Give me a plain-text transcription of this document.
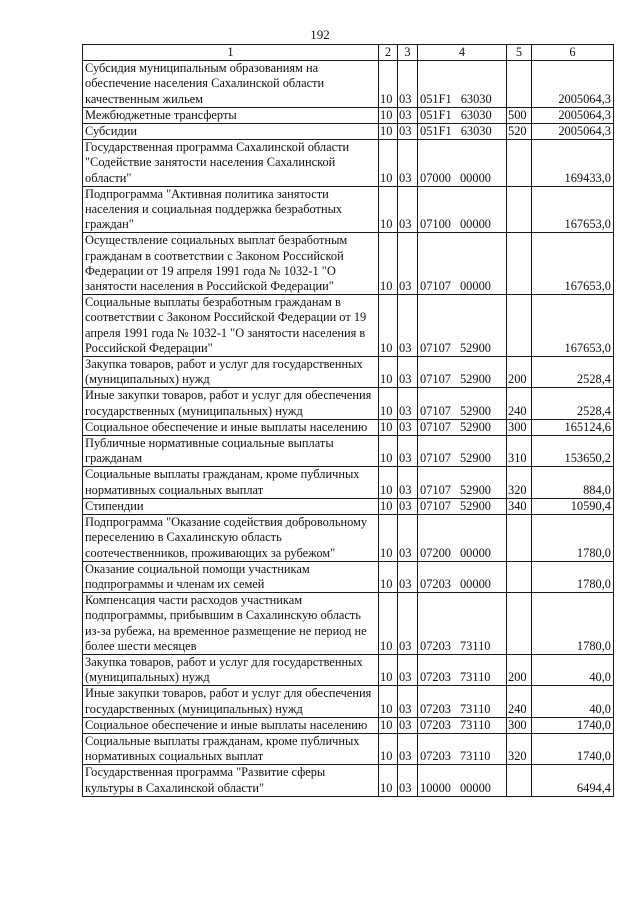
192
1	2	3	4	5	6
Субсидия муниципальным образованиям на обеспечение населения Сахалинской области качественным жильем	10	03	051F1 63030		2005064,3
Межбюджетные трансферты	10	03	051F1 63030	500	2005064,3
Субсидии	10	03	051F1 63030	520	2005064,3
Государственная программа Сахалинской области "Содействие занятости населения Сахалинской области"	10	03	07000 00000		169433,0
Подпрограмма "Активная политика занятости населения и социальная поддержка безработных граждан"	10	03	07100 00000		167653,0
Осуществление социальных выплат безработным гражданам в соответствии с Законом Российской Федерации от 19 апреля 1991 года № 1032-1 "О занятости населения в Российской Федерации"	10	03	07107 00000		167653,0
Социальные выплаты безработным гражданам в соответствии с Законом Российской Федерации от 19 апреля 1991 года № 1032-1 "О занятости населения в Российской Федерации"	10	03	07107 52900		167653,0
Закупка товаров, работ и услуг для государственных (муниципальных) нужд	10	03	07107 52900	200	2528,4
Иные закупки товаров, работ и услуг для обеспечения государственных (муниципальных) нужд	10	03	07107 52900	240	2528,4
Социальное обеспечение и иные выплаты населению	10	03	07107 52900	300	165124,6
Публичные нормативные социальные выплаты гражданам	10	03	07107 52900	310	153650,2
Социальные выплаты гражданам, кроме публичных нормативных социальных выплат	10	03	07107 52900	320	884,0
Стипендии	10	03	07107 52900	340	10590,4
Подпрограмма "Оказание содействия добровольному переселению в Сахалинскую область соотечественников, проживающих за рубежом"	10	03	07200 00000		1780,0
Оказание социальной помощи участникам подпрограммы и членам их семей	10	03	07203 00000		1780,0
Компенсация части расходов участникам подпрограммы, прибывшим в Сахалинскую область из-за рубежа, на временное размещение не период не более шести месяцев	10	03	07203 73110		1780,0
Закупка товаров, работ и услуг для государственных (муниципальных) нужд	10	03	07203 73110	200	40,0
Иные закупки товаров, работ и услуг для обеспечения государственных (муниципальных) нужд	10	03	07203 73110	240	40,0
Социальное обеспечение и иные выплаты населению	10	03	07203 73110	300	1740,0
Социальные выплаты гражданам, кроме публичных нормативных социальных выплат	10	03	07203 73110	320	1740,0
Государственная программа "Развитие сферы культуры в Сахалинской области"	10	03	10000 00000		6494,4
